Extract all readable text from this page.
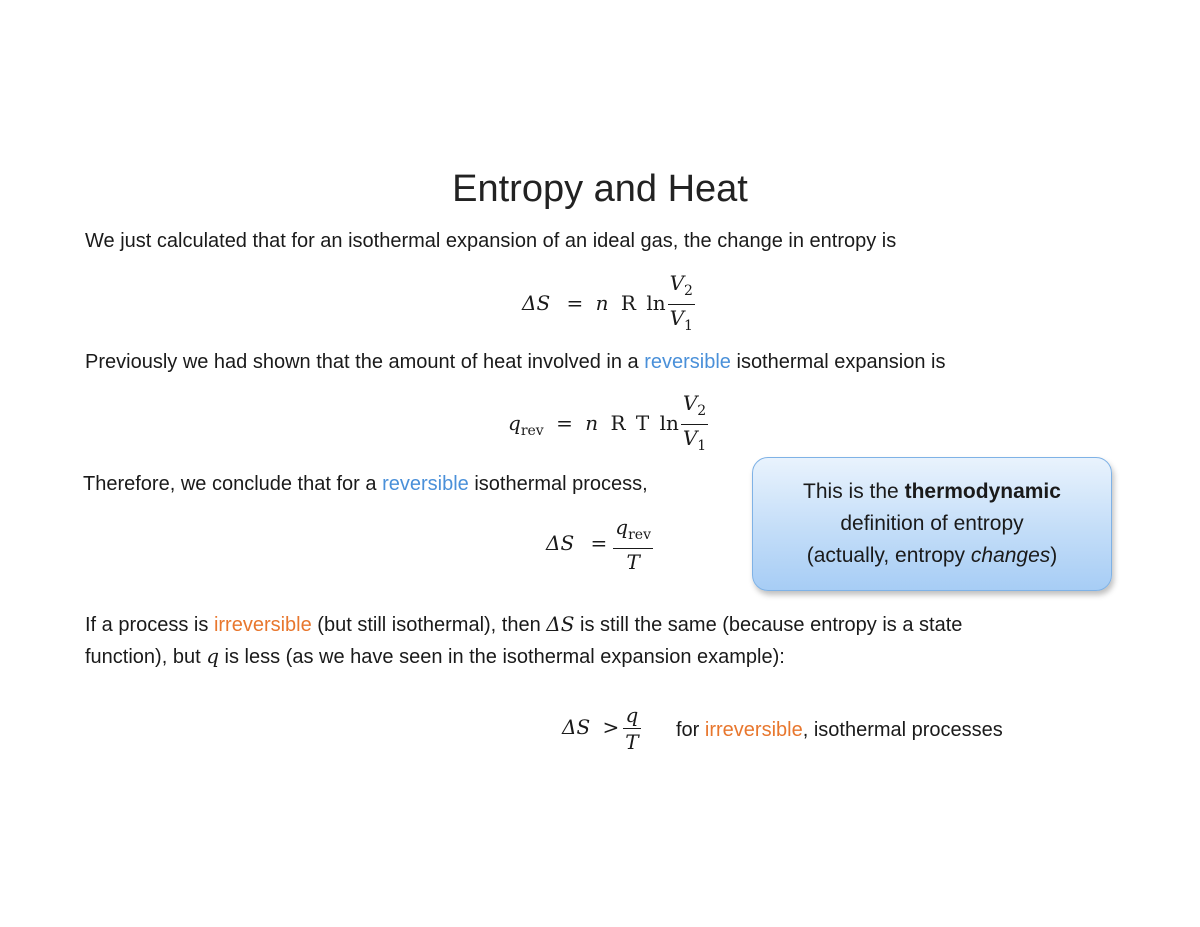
Entropy and Heat
We just calculated that for an isothermal expansion of an ideal gas, the change in entropy is
ΔS = n R $\ln \frac{V_2}{V_1}$
Previously we had shown that the amount of heat involved in a reversible isothermal expansion is
$q_{rev} = n$ R T $\ln \frac{V_2}{V_1}$
Therefore, we conclude that for a reversible isothermal process,
$\Delta S = \frac{q_{rev}}{T}$
This is the thermodynamic
definition of entropy
(actually, entropy changes)
If a process is irreversible (but still isothermal), then ΔS is still the same (because entropy is a state
function), but q is less (as we have seen in the isothermal expansion example):
$\Delta S > \frac{q}{T}$ for irreversible, isothermal processes
